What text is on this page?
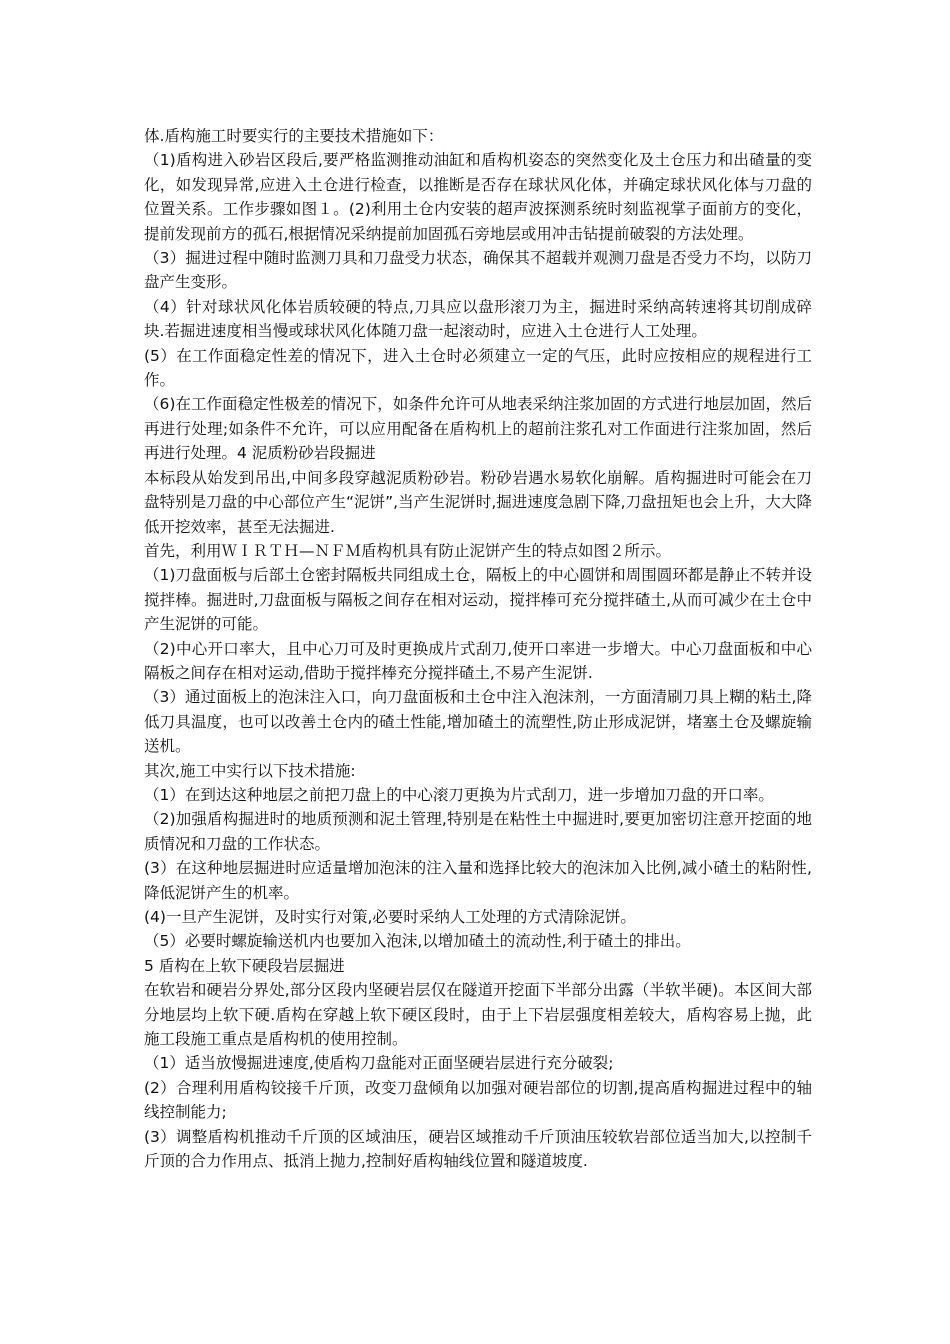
体.盾构施工时要实行的主要技术措施如下：

（1)盾构进入砂岩区段后,要严格监测推动油缸和盾构机姿态的突然变化及土仓压力和出碴量的变化，如发现异常,应进入土仓进行检查，以推断是否存在球状风化体，并确定球状风化体与刀盘的位置关系。工作步骤如图１。(2)利用土仓内安装的超声波探测系统时刻监视掌子面前方的变化，提前发现前方的孤石,根据情况采纳提前加固孤石旁地层或用冲击钻提前破裂的方法处理。

（3）掘进过程中随时监测刀具和刀盘受力状态，确保其不超载并观测刀盘是否受力不均，以防刀盘产生变形。

（4）针对球状风化体岩质较硬的特点,刀具应以盘形滚刀为主，掘进时采纳高转速将其切削成碎块.若掘进速度相当慢或球状风化体随刀盘一起滚动时，应进入土仓进行人工处理。

(5）在工作面稳定性差的情况下，进入土仓时必须建立一定的气压，此时应按相应的规程进行工作。

（6)在工作面稳定性极差的情况下，如条件允许可从地表采纳注浆加固的方式进行地层加固，然后再进行处理;如条件不允许，可以应用配备在盾构机上的超前注浆孔对工作面进行注浆加固，然后再进行处理。4 泥质粉砂岩段掘进

本标段从始发到吊出,中间多段穿越泥质粉砂岩。粉砂岩遇水易软化崩解。盾构掘进时可能会在刀盘特别是刀盘的中心部位产生“泥饼”,当产生泥饼时,掘进速度急剧下降,刀盘扭矩也会上升，大大降低开挖效率，甚至无法掘进.

首先，利用ＷＩＲＴＨ—ＮＦＭ盾构机具有防止泥饼产生的特点如图２所示。

（1)刀盘面板与后部土仓密封隔板共同组成土仓，隔板上的中心圆饼和周围圆环都是静止不转并设搅拌棒。掘进时,刀盘面板与隔板之间存在相对运动，搅拌棒可充分搅拌碴土,从而可减少在土仓中产生泥饼的可能。

（2)中心开口率大，且中心刀可及时更换成片式刮刀,使开口率进一步增大。中心刀盘面板和中心隔板之间存在相对运动,借助于搅拌棒充分搅拌碴土,不易产生泥饼.

（3）通过面板上的泡沫注入口，向刀盘面板和土仓中注入泡沫剂，一方面清刷刀具上糊的粘土,降低刀具温度，也可以改善土仓内的碴土性能,增加碴土的流塑性,防止形成泥饼，堵塞土仓及螺旋输送机。

其次,施工中实行以下技术措施:

（1）在到达这种地层之前把刀盘上的中心滚刀更换为片式刮刀，进一步增加刀盘的开口率。

（2)加强盾构掘进时的地质预测和泥土管理,特别是在粘性土中掘进时,要更加密切注意开挖面的地质情况和刀盘的工作状态。

(3）在这种地层掘进时应适量增加泡沫的注入量和选择比较大的泡沫加入比例,减小碴土的粘附性,降低泥饼产生的机率。

(4)一旦产生泥饼，及时实行对策,必要时采纳人工处理的方式清除泥饼。

（5）必要时螺旋输送机内也要加入泡沫,以增加碴土的流动性,利于碴土的排出。

5 盾构在上软下硬段岩层掘进

在软岩和硬岩分界处,部分区段内坚硬岩层仅在隧道开挖面下半部分出露（半软半硬)。本区间大部分地层均上软下硬.盾构在穿越上软下硬区段时，由于上下岩层强度相差较大，盾构容易上抛，此施工段施工重点是盾构机的使用控制。

（1）适当放慢掘进速度,使盾构刀盘能对正面坚硬岩层进行充分破裂;

(2）合理利用盾构铰接千斤顶，改变刀盘倾角以加强对硬岩部位的切割,提高盾构掘进过程中的轴线控制能力;

(3）调整盾构机推动千斤顶的区域油压，硬岩区域推动千斤顶油压较软岩部位适当加大,以控制千斤顶的合力作用点、抵消上抛力,控制好盾构轴线位置和隧道坡度.
